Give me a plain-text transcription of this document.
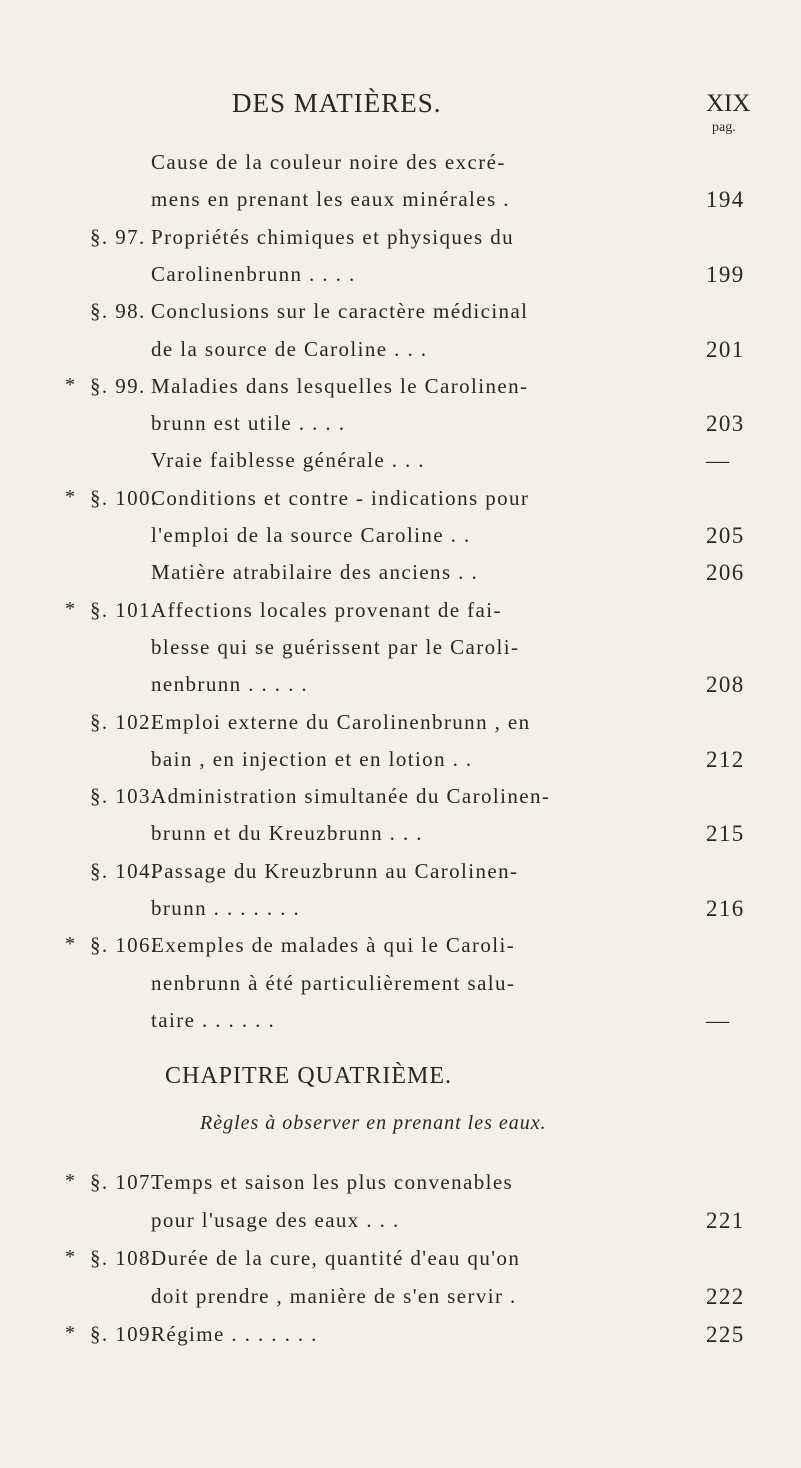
DES MATIÈRES.	XIX
pag.
Cause de la couleur noire des excré-
mens en prenant les eaux minérales .	194
§. 97. Propriétés chimiques et physiques du
Carolinenbrunn . . . .	199
§. 98. Conclusions sur le caractère médicinal
de la source de Caroline . . .	201
* §. 99. Maladies dans lesquelles le Carolinen-
brunn est utile . . . .	203
Vraie faiblesse générale . . .	—
* §. 100.
Conditions et contre - indications pour
l'emploi de la source Caroline . .	205
Matière atrabilaire des anciens . .	206
* §. 101.
Affections locales provenant de fai-
blesse qui se guérissent par le Caroli-
nenbrunn . . . . .	208
§. 102.
Emploi externe du Carolinenbrunn , en
bain , en injection et en lotion . .	212
§. 103.
Administration simultanée du Carolinen-
brunn et du Kreuzbrunn . . .	215
§. 104.
Passage du Kreuzbrunn au Carolinen-
brunn . . . . . . .	216
* §. 106.
Exemples de malades à qui le Caroli-
nenbrunn à été particulièrement salu-
taire . . . . . .	—
CHAPITRE QUATRIÈME.
Règles à observer en prenant les eaux.
* §. 107.
Temps et saison les plus convenables
pour l'usage des eaux . . .	221
* §. 108.
Durée de la cure, quantité d'eau qu'on
doit prendre , manière de s'en servir .	222
* §. 109.
Régime . . . . . . .	225
